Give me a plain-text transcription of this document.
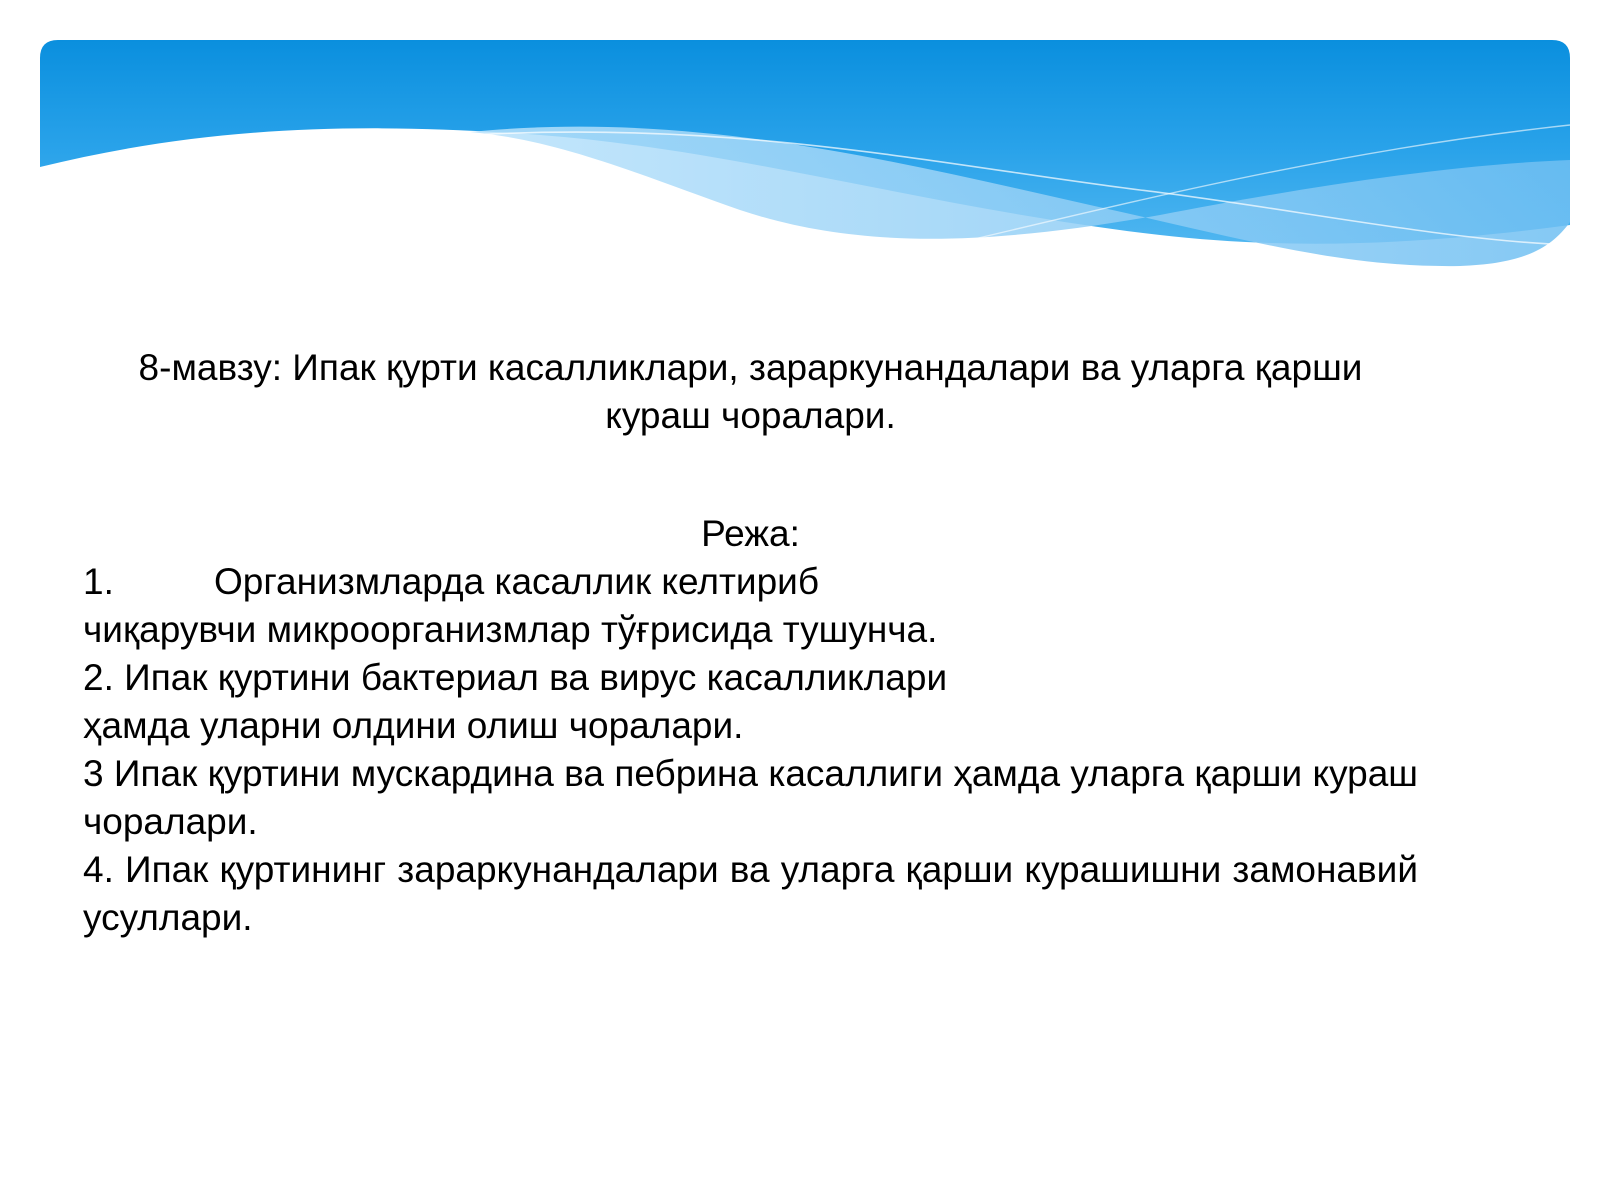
8-мавзу: Ипак қурти касалликлари, зараркунандалари ва уларга қарши кураш чоралари.
Режа:
1.	Организмларда касаллик келтириб
чиқарувчи микроорганизмлар тўғрисида тушунча.
2. Ипак қуртини бактериал ва вирус касалликлари
ҳамда уларни олдини олиш чоралари.
3 Ипак қуртини мускардина ва пебрина касаллиги ҳамда уларга қарши кураш чоралари.
4. Ипак қуртининг зараркунандалари ва уларга қарши курашишни замонавий усуллари.
